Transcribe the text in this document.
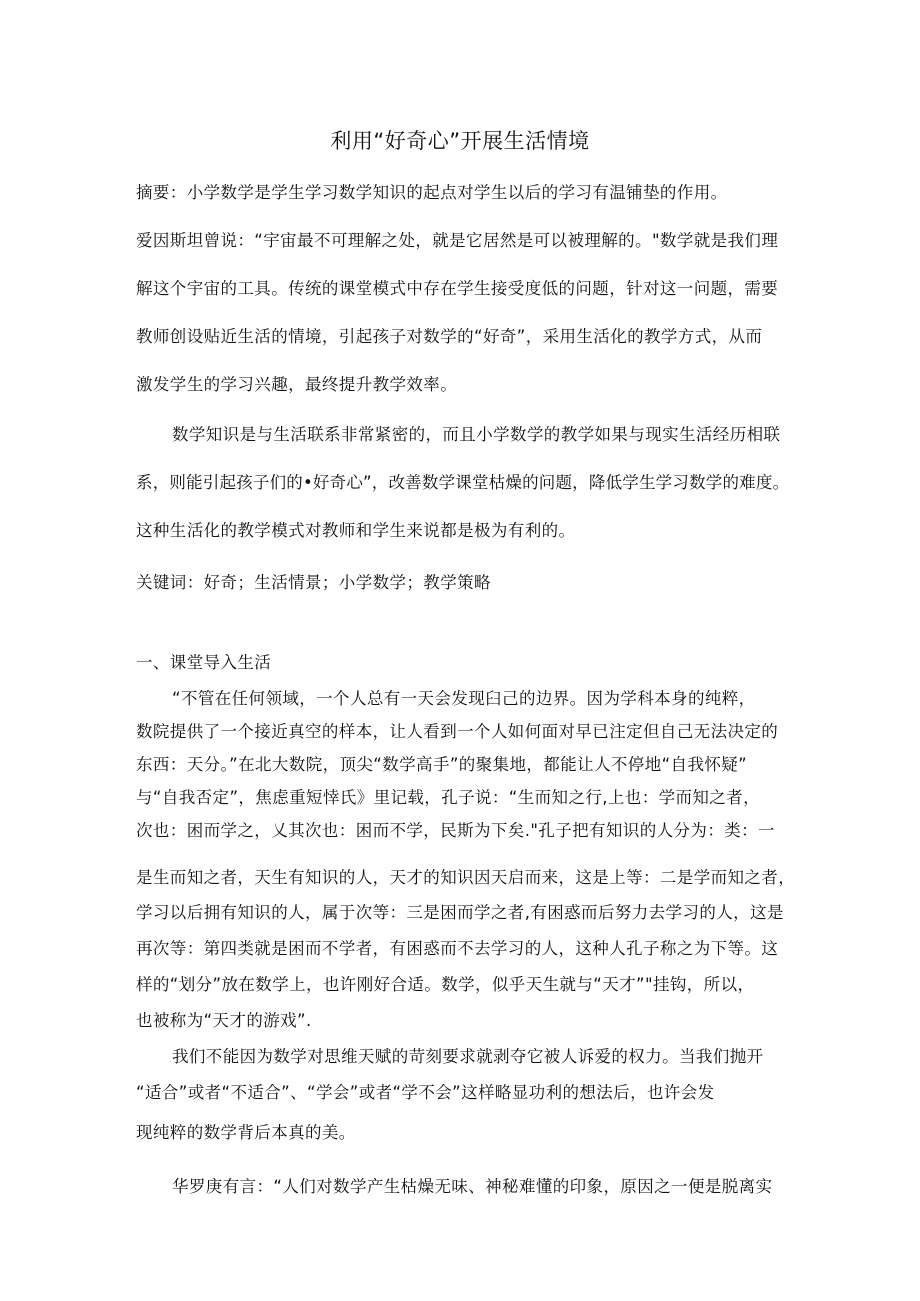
利用“好奇心”开展生活情境
摘要：小学数学是学生学习数学知识的起点对学生以后的学习有温铺垫的作用。
爱因斯坦曾说：“宇宙最不可理解之处，就是它居然是可以被理解的。"数学就是我们理
解这个宇宙的工具。传统的课堂模式中存在学生接受度低的问题，针对这一问题，需要
教师创设贴近生活的情境，引起孩子对数学的“好奇”，采用生活化的教学方式，从而
激发学生的学习兴趣，最终提升教学效率。
数学知识是与生活联系非常紧密的，而且小学数学的教学如果与现实生活经历相联
系，则能引起孩子们的•好奇心”，改善数学课堂枯燥的问题，降低学生学习数学的难度。
这种生活化的教学模式对教师和学生来说都是极为有利的。
关键词：好奇；生活情景；小学数学；教学策略
一、课堂导入生活
“不管在任何领域，一个人总有一天会发现臼己的边界。因为学科本身的纯粹，
数院提供了一个接近真空的样本，让人看到一个人如何面对早已注定但自己无法决定的
东西：天分。”在北大数院，顶尖“数学高手”的聚集地，都能让人不停地“自我怀疑”
与“自我否定”，焦虑重短悻氏》里记载，孔子说：“生而知之行,上也：学而知之者，
次也：困而学之，乂其次也：困而不学，民斯为下矣."孔子把有知识的人分为：类：一
是生而知之者，天生有知识的人，天才的知识因天启而来，这是上等：二是学而知之者，
学习以后拥有知识的人，属于次等：三是困而学之者,有困惑而后努力去学习的人，这是
再次等：第四类就是困而不学者，有困惑而不去学习的人，这种人孔子称之为下等。这
样的“划分”放在数学上，也许刚好合适。数学，似乎天生就与“天才”"挂钩，所以，
也被称为“天才的游戏”.
我们不能因为数学对思维天赋的苛刻要求就剥夺它被人诉爱的权力。当我们抛开
“适合”或者“不适合”、“学会”或者“学不会”这样略显功利的想法后，也许会发
现纯粹的数学背后本真的美。
华罗庚有言：“人们对数学产生枯燥无味、神秘难懂的印象，原因之一便是脱离实
